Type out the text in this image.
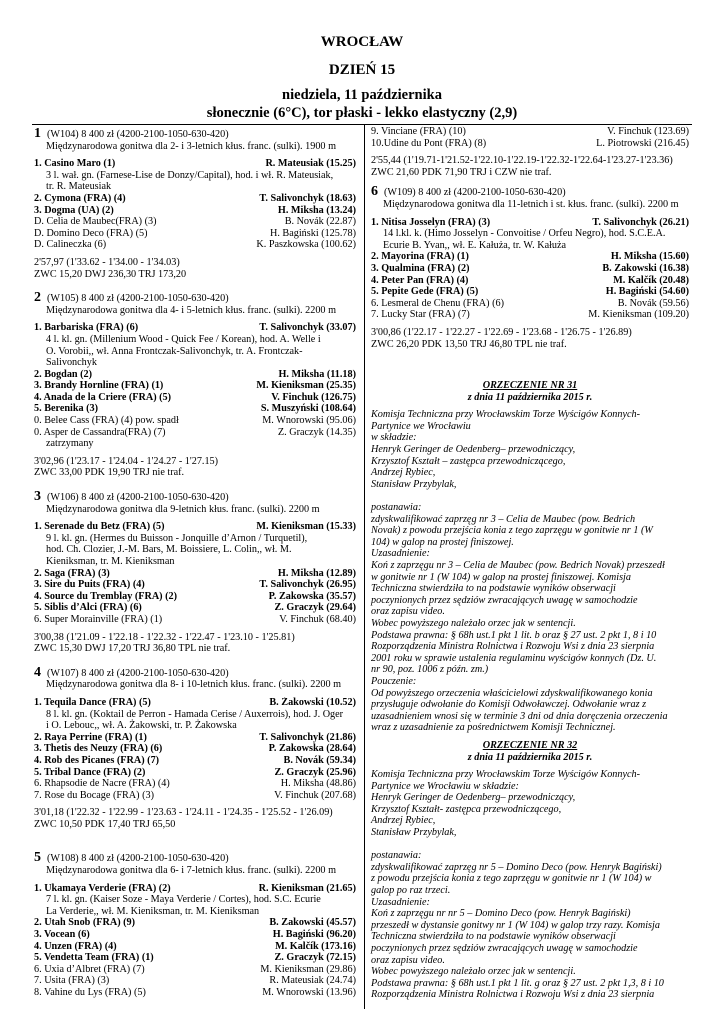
WROCŁAW
DZIEŃ 15
niedziela, 11 października
słonecznie (6°C), tor płaski - lekko elastyczny (2,9)
1 (W104) 8 400 zł (4200-2100-1050-630-420)
Międzynarodowa gonitwa dla 2- i 3-letnich kłus. franc. (sulki). 1900 m
1. Casino Maro (1)	R. Mateusiak (15.25)
3 l. wał. gn. (Farnese-Lise de Donzy/Capital), hod. i wł. R. Mateusiak,
tr. R. Mateusiak
2. Cymona (FRA) (4)	T. Salivonchyk (18.63)
3. Dogma (UA) (2)	H. Miksha (13.24)
D. Celia de Maubec(FRA) (3)	B. Novák (22.87)
D. Domino Deco (FRA) (5)	H. Bagiński (125.78)
D. Calineczka (6)	K. Paszkowska (100.62)
2'57,97 (1'33.62 - 1'34.00 - 1'34.03)
ZWC 15,20 DWJ 236,30 TRJ 173,20
2 (W105) 8 400 zł (4200-2100-1050-630-420)
Międzynarodowa gonitwa dla 4- i 5-letnich kłus. franc. (sulki). 2200 m
1. Barbariska (FRA) (6)	T. Salivonchyk (33.07)
4 l. kl. gn. (Millenium Wood - Quick Fee / Korean), hod. A. Welle i
O. Vorobii,, wł. Anna Frontczak-Salivonchyk, tr. A. Frontczak-
Salivonchyk
2. Bogdan (2)	H. Miksha (11.18)
3. Brandy Hornline (FRA) (1)	M. Kieniksman (25.35)
4. Anada de la Criere (FRA) (5)	V. Finchuk (126.75)
5. Berenika (3)	S. Muszyński (108.64)
0. Belee Cass (FRA) (4) pow. spadł	M. Wnorowski (95.06)
0. Asper de Cassandra(FRA) (7)	Z. Graczyk (14.35)
zatrzymany
3'02,96 (1'23.17 - 1'24.04 - 1'24.27 - 1'27.15)
ZWC 33,00 PDK 19,90 TRJ nie traf.
3 (W106) 8 400 zł (4200-2100-1050-630-420)
Międzynarodowa gonitwa dla 9-letnich kłus. franc. (sulki). 2200 m
1. Serenade du Betz (FRA) (5)	M. Kieniksman (15.33)
9 l. kl. gn. (Hermes du Buisson - Jonquille d’Arnon / Turquetil),
hod. Ch. Clozier, J.-M. Bars, M. Boissiere, L. Colin,, wł. M.
Kieniksman, tr. M. Kieniksman
2. Saga (FRA) (3)	H. Miksha (12.89)
3. Sire du Puits (FRA) (4)	T. Salivonchyk (26.95)
4. Source du Tremblay (FRA) (2)	P. Zakowska (35.57)
5. Siblis d’Alci (FRA) (6)	Z. Graczyk (29.64)
6. Super Morainville (FRA) (1)	V. Finchuk (68.40)
3'00,38 (1'21.09 - 1'22.18 - 1'22.32 - 1'22.47 - 1'23.10 - 1'25.81)
ZWC 15,30 DWJ 17,20 TRJ 36,80 TPL nie traf.
4 (W107) 8 400 zł (4200-2100-1050-630-420)
Międzynarodowa gonitwa dla 8- i 10-letnich kłus. franc. (sulki). 2200 m
1. Tequila Dance (FRA) (5)	B. Żakowski (10.52)
8 l. kl. gn. (Koktail de Perron - Hamada Cerise / Auxerrois), hod. J. Oger
i O. Lebouc,, wł. A. Żakowski, tr. P. Żakowska
2. Raya Perrine (FRA) (1)	T. Salivonchyk (21.86)
3. Thetis des Neuzy (FRA) (6)	P. Zakowska (28.64)
4. Rob des Picanes (FRA) (7)	B. Novák (59.34)
5. Tribal Dance (FRA) (2)	Z. Graczyk (25.96)
6. Rhapsodie de Nacre (FRA) (4)	H. Miksha (48.86)
7. Rose du Bocage (FRA) (3)	V. Finchuk (207.68)
3'01,18 (1'22.32 - 1'22.99 - 1'23.63 - 1'24.11 - 1'24.35 - 1'25.52 - 1'26.09)
ZWC 10,50 PDK 17,40 TRJ 65,50
5 (W108) 8 400 zł (4200-2100-1050-630-420)
Międzynarodowa gonitwa dla 6- i 7-letnich kłus. franc. (sulki). 2200 m
1. Ukamaya Verderie (FRA) (2)	R. Kieniksman (21.65)
7 l. kl. gn. (Kaiser Soze - Maya Verderie / Cortes), hod. S.C. Ecurie
La Verderie,, wł. M. Kieniksman, tr. M. Kieniksman
2. Utah Snob (FRA) (9)	B. Zakowski (45.57)
3. Vocean (6)	H. Bagiński (96.20)
4. Unzen (FRA) (4)	M. Kalčík (173.16)
5. Vendetta Team (FRA) (1)	Z. Graczyk (72.15)
6. Uxia d’Albret (FRA) (7)	M. Kieniksman (29.86)
7. Usita (FRA) (3)	R. Mateusiak (24.74)
8. Vahine du Lys (FRA) (5)	M. Wnorowski (13.96)
9. Vinciane (FRA) (10)	V. Finchuk (123.69)
10.Udine du Pont (FRA) (8)	L. Piotrowski (216.45)
2'55,44 (1'19.71-1'21.52-1'22.10-1'22.19-1'22.32-1'22.64-1'23.27-1'23.36)
ZWC 21,60 PDK 71,90 TRJ i CZW nie traf.
6 (W109) 8 400 zł (4200-2100-1050-630-420)
Międzynarodowa gonitwa dla 11-letnich i st. kłus. franc. (sulki). 2200 m
1. Nitisa Josselyn (FRA) (3)	T. Salivonchyk (26.21)
14 l.kl. k. (Himo Josselyn - Convoitise / Orfeu Negro), hod. S.C.E.A.
Ecurie B. Yvan,, wł. E. Kałuża, tr. W. Kałuża
2. Mayorina (FRA) (1)	H. Miksha (15.60)
3. Qualmina (FRA) (2)	B. Zakowski (16.38)
4. Peter Pan (FRA) (4)	M. Kalčík (20.48)
5. Pepite Gede (FRA) (5)	H. Bagiński (54.60)
6. Lesmeral de Chenu (FRA) (6)	B. Novák (59.56)
7. Lucky Star (FRA) (7)	M. Kieniksman (109.20)
3'00,86 (1'22.17 - 1'22.27 - 1'22.69 - 1'23.68 - 1'26.75 - 1'26.89)
ZWC 26,20 PDK 13,50 TRJ 46,80 TPL nie traf.
ORZECZENIE NR 31
z dnia 11 października 2015 r.
Komisja Techniczna przy Wrocławskim Torze Wyścigów Konnych-
Partynice we Wrocławiu
w składzie:
Henryk Geringer de Oedenberg– przewodniczący,
Krzysztof Kształt – zastępca przewodniczącego,
Andrzej Rybiec,
Stanisław Przybylak,
postanawia:
zdyskwalifikować zaprzęg nr 3 – Celia de Maubec (pow. Bedrich
Novak) z powodu przejścia konia z tego zaprzęgu w gonitwie nr 1 (W
104) w galop na prostej finiszowej.
Uzasadnienie:
Koń z zaprzęgu nr 3 – Celia de Maubec (pow. Bedrich Novak) przeszedł
w gonitwie nr 1 (W 104) w galop na prostej finiszowej. Komisja
Techniczna stwierdziła to na podstawie wyników obserwacji
poczynionych przez sędziów zwracających uwagę w samochodzie
oraz zapisu video.
Wobec powyższego należało orzec jak w sentencji.
Podstawa prawna: § 68h ust.1 pkt 1 lit. b oraz § 27 ust. 2 pkt 1, 8 i 10
Rozporządzenia Ministra Rolnictwa i Rozwoju Wsi z dnia 23 sierpnia
2001 roku w sprawie ustalenia regulaminu wyścigów konnych (Dz. U.
nr 90, poz. 1006 z późn. zm.)
Pouczenie:
Od powyższego orzeczenia właścicielowi zdyskwalifikowanego konia
przysługuje odwołanie do Komisji Odwoławczej. Odwołanie wraz z
uzasadnieniem wnosi się w terminie 3 dni od dnia doręczenia orzeczenia
wraz z uzasadnienie za pośrednictwem Komisji Technicznej.
ORZECZENIE NR 32
z dnia 11 października 2015 r.
Komisja Techniczna przy Wrocławskim Torze Wyścigów Konnych-
Partynice we Wrocławiu w składzie:
Henryk Geringer de Oedenberg– przewodniczący,
Krzysztof Kształt- zastępca przewodniczącego,
Andrzej Rybiec,
Stanisław Przybylak,
postanawia:
zdyskwalifikować zaprzęg nr 5 – Domino Deco (pow. Henryk Bagiński)
z powodu przejścia konia z tego zaprzęgu w gonitwie nr 1 (W 104) w
galop po raz trzeci.
Uzasadnienie:
Koń z zaprzęgu nr nr 5 – Domino Deco (pow. Henryk Bagiński)
przeszedł w dystansie gonitwy nr 1 (W 104) w galop trzy razy. Komisja
Techniczna stwierdziła to na podstawie wyników obserwacji
poczynionych przez sędziów zwracających uwagę w samochodzie
oraz zapisu video.
Wobec powyższego należało orzec jak w sentencji.
Podstawa prawna: § 68h ust.1 pkt 1 lit. g oraz § 27 ust. 2 pkt 1,3, 8 i 10
Rozporządzenia Ministra Rolnictwa i Rozwoju Wsi z dnia 23 sierpnia
